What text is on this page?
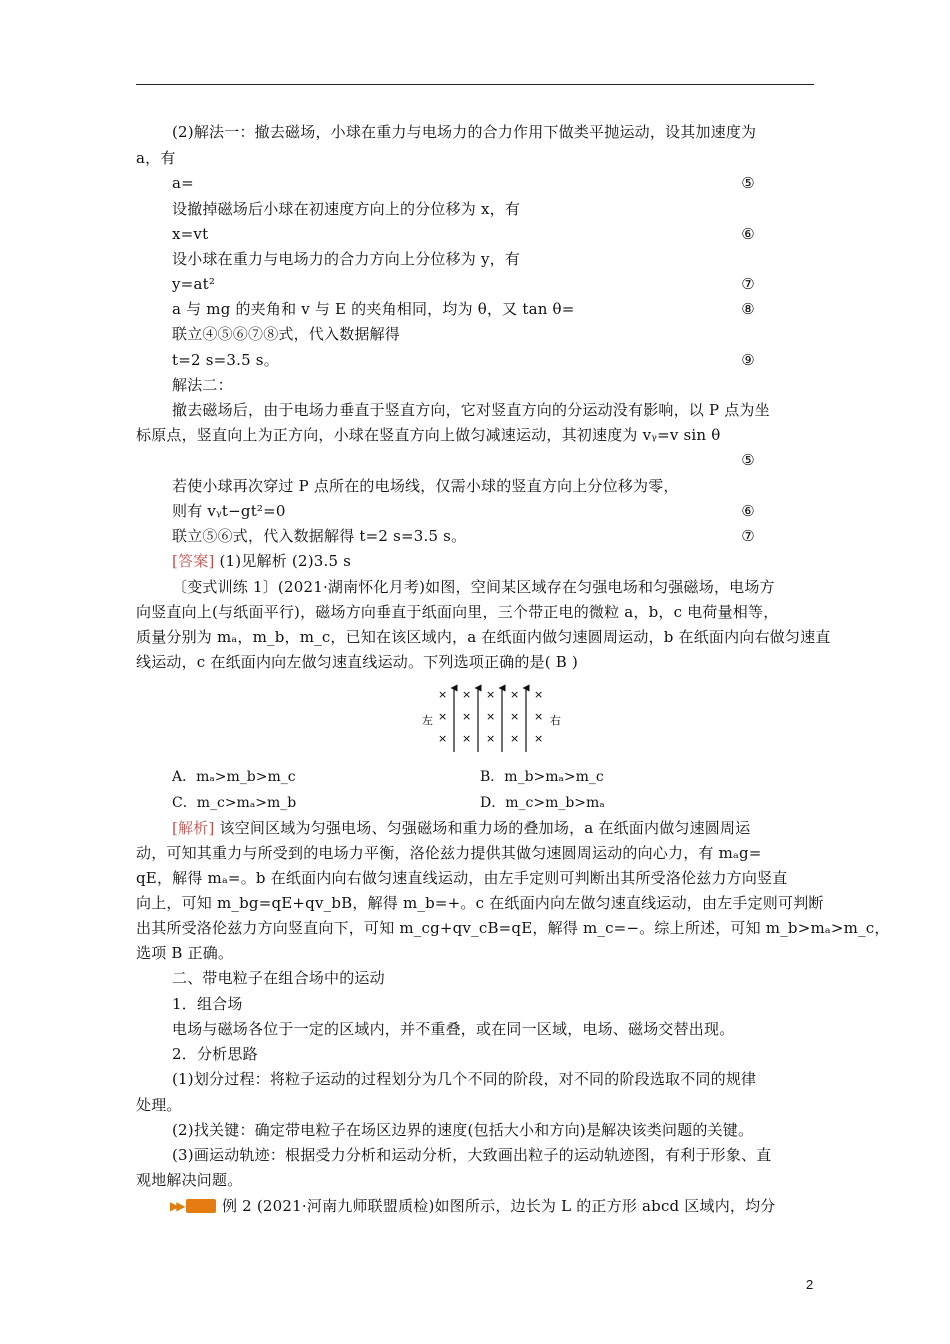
(2)解法一：撤去磁场，小球在重力与电场力的合力作用下做类平抛运动，设其加速度为
a，有
a=
设撤掉磁场后小球在初速度方向上的分位移为 x，有
x=vt
设小球在重力与电场力的合力方向上分位移为 y，有
y=at²
a 与 mg 的夹角和 v 与 E 的夹角相同，均为 θ，又 tan θ=
联立④⑤⑥⑦⑧式，代入数据解得
t=2 s=3.5 s。
解法二：
撤去磁场后，由于电场力垂直于竖直方向，它对竖直方向的分运动没有影响，以 P 点为坐
标原点，竖直向上为正方向，小球在竖直方向上做匀减速运动，其初速度为 vᵧ=v sin θ
若使小球再次穿过 P 点所在的电场线，仅需小球的竖直方向上分位移为零，
则有 vᵧt−gt²=0
联立⑤⑥式，代入数据解得 t=2 s=3.5 s。
〔变式训练 1〕(2021·湖南怀化月考)如图，空间某区域存在匀强电场和匀强磁场，电场方
向竖直向上(与纸面平行)，磁场方向垂直于纸面向里，三个带正电的微粒 a，b，c 电荷量相等，
质量分别为 mₐ，m_b，m_c，已知在该区域内，a 在纸面内做匀速圆周运动，b 在纸面内向右做匀速直
线运动，c 在纸面内向左做匀速直线运动。下列选项正确的是( B )
动，可知其重力与所受到的电场力平衡，洛伦兹力提供其做匀速圆周运动的向心力，有 mₐg=
qE，解得 mₐ=。b 在纸面内向右做匀速直线运动，由左手定则可判断出其所受洛伦兹力方向竖直
向上，可知 m_bg=qE+qv_bB，解得 m_b=+。c 在纸面内向左做匀速直线运动，由左手定则可判断
出其所受洛伦兹力方向竖直向下，可知 m_cg+qv_cB=qE，解得 m_c=−。综上所述，可知 m_b>mₐ>m_c，
选项 B 正确。
二、带电粒子在组合场中的运动
1．组合场
电场与磁场各位于一定的区域内，并不重叠，或在同一区域，电场、磁场交替出现。
2．分析思路
(1)划分过程：将粒子运动的过程划分为几个不同的阶段，对不同的阶段选取不同的规律
处理。
(2)找关键：确定带电粒子在场区边界的速度(包括大小和方向)是解决该类问题的关键。
(3)画运动轨迹：根据受力分析和运动分析，大致画出粒子的运动轨迹图，有利于形象、直
观地解决问题。
例 2 (2021·河南九师联盟质检)如图所示，边长为 L 的正方形 abcd 区域内，均分
⑤
⑥
⑦
⑧
⑨
⑤
⑥
⑦
[答案] (1)见解析 (2)3.5 s
×
×
×
×
×
×
×
×
×
×
×
×
×
×
×
左	右
A．mₐ>m_b>m_c	B．m_b>mₐ>m_c
C．m_c>mₐ>m_b	D．m_c>m_b>mₐ
[解析] 该空间区域为匀强电场、匀强磁场和重力场的叠加场，a 在纸面内做匀速圆周运
▶▶
2
